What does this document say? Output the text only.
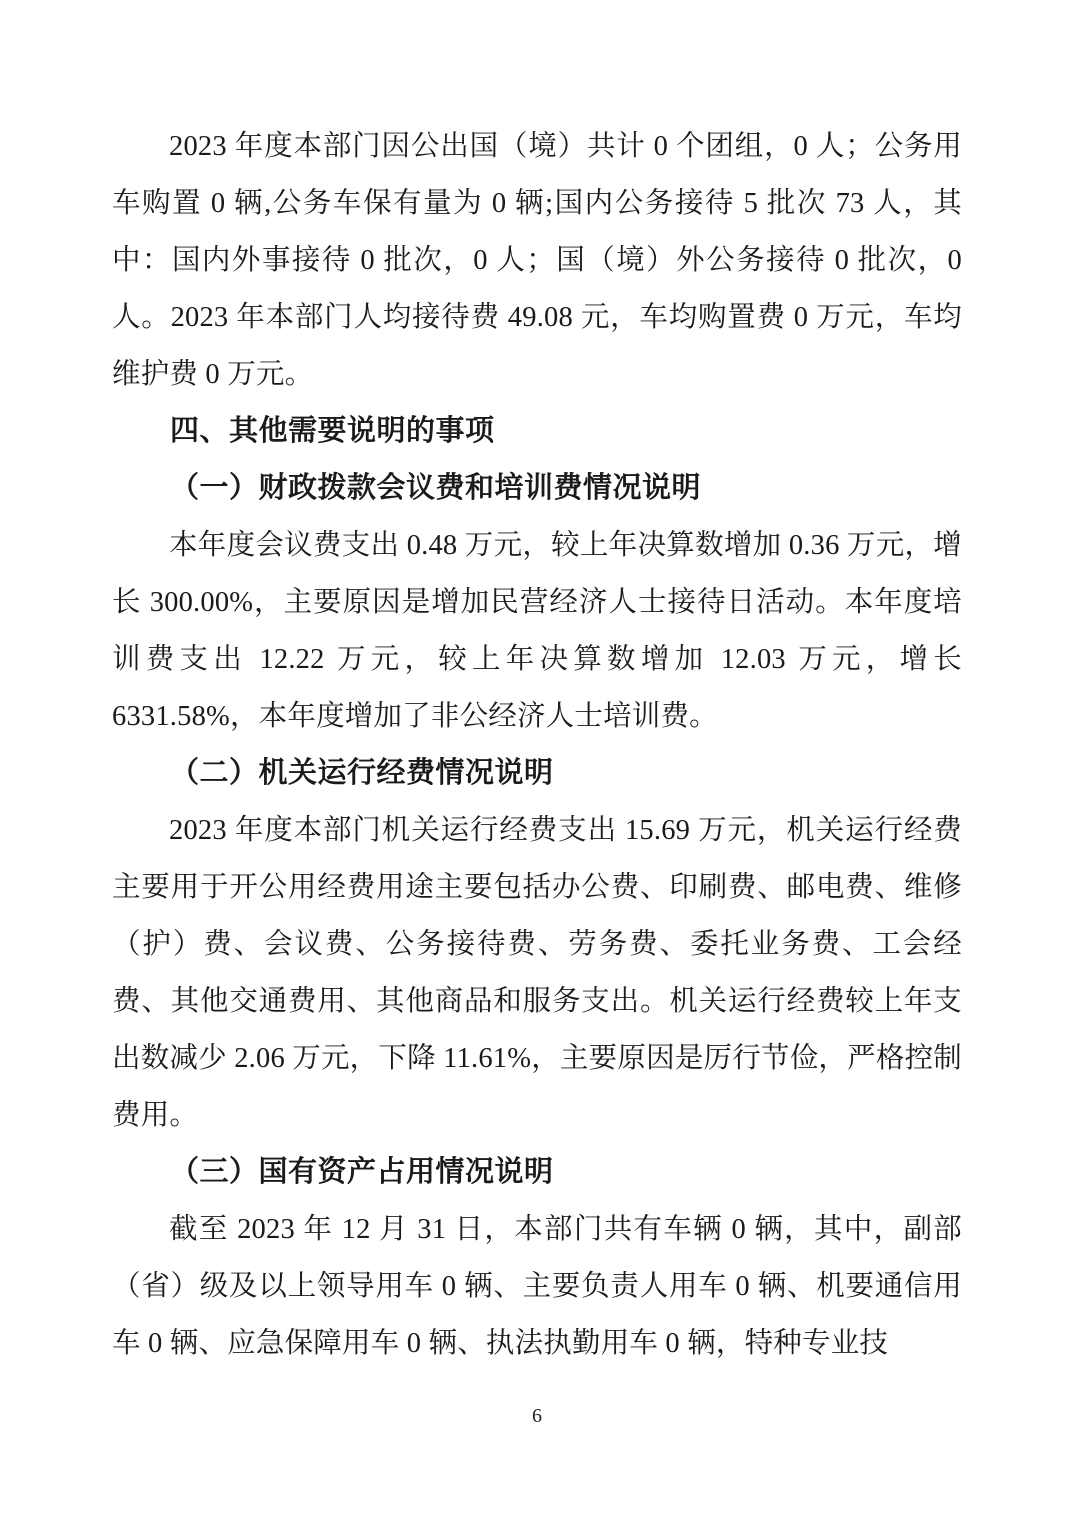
2023 年度本部门因公出国（境）共计 0 个团组，0 人；公务用车购置 0 辆,公务车保有量为 0 辆;国内公务接待 5 批次 73 人，其中：国内外事接待 0 批次，0 人；国（境）外公务接待 0 批次，0 人。2023 年本部门人均接待费 49.08 元，车均购置费 0 万元，车均维护费 0 万元。

四、其他需要说明的事项

（一）财政拨款会议费和培训费情况说明

本年度会议费支出 0.48 万元，较上年决算数增加 0.36 万元，增长 300.00%，主要原因是增加民营经济人士接待日活动。本年度培训费支出 12.22 万元，较上年决算数增加 12.03 万元，增长 6331.58%，本年度增加了非公经济人士培训费。

（二）机关运行经费情况说明

2023 年度本部门机关运行经费支出 15.69 万元，机关运行经费主要用于开公用经费用途主要包括办公费、印刷费、邮电费、维修（护）费、会议费、公务接待费、劳务费、委托业务费、工会经费、其他交通费用、其他商品和服务支出。机关运行经费较上年支出数减少 2.06 万元，下降 11.61%，主要原因是厉行节俭，严格控制费用。

（三）国有资产占用情况说明

截至 2023 年 12 月 31 日，本部门共有车辆 0 辆，其中，副部（省）级及以上领导用车 0 辆、主要负责人用车 0 辆、机要通信用车 0 辆、应急保障用车 0 辆、执法执勤用车 0 辆，特种专业技

6
